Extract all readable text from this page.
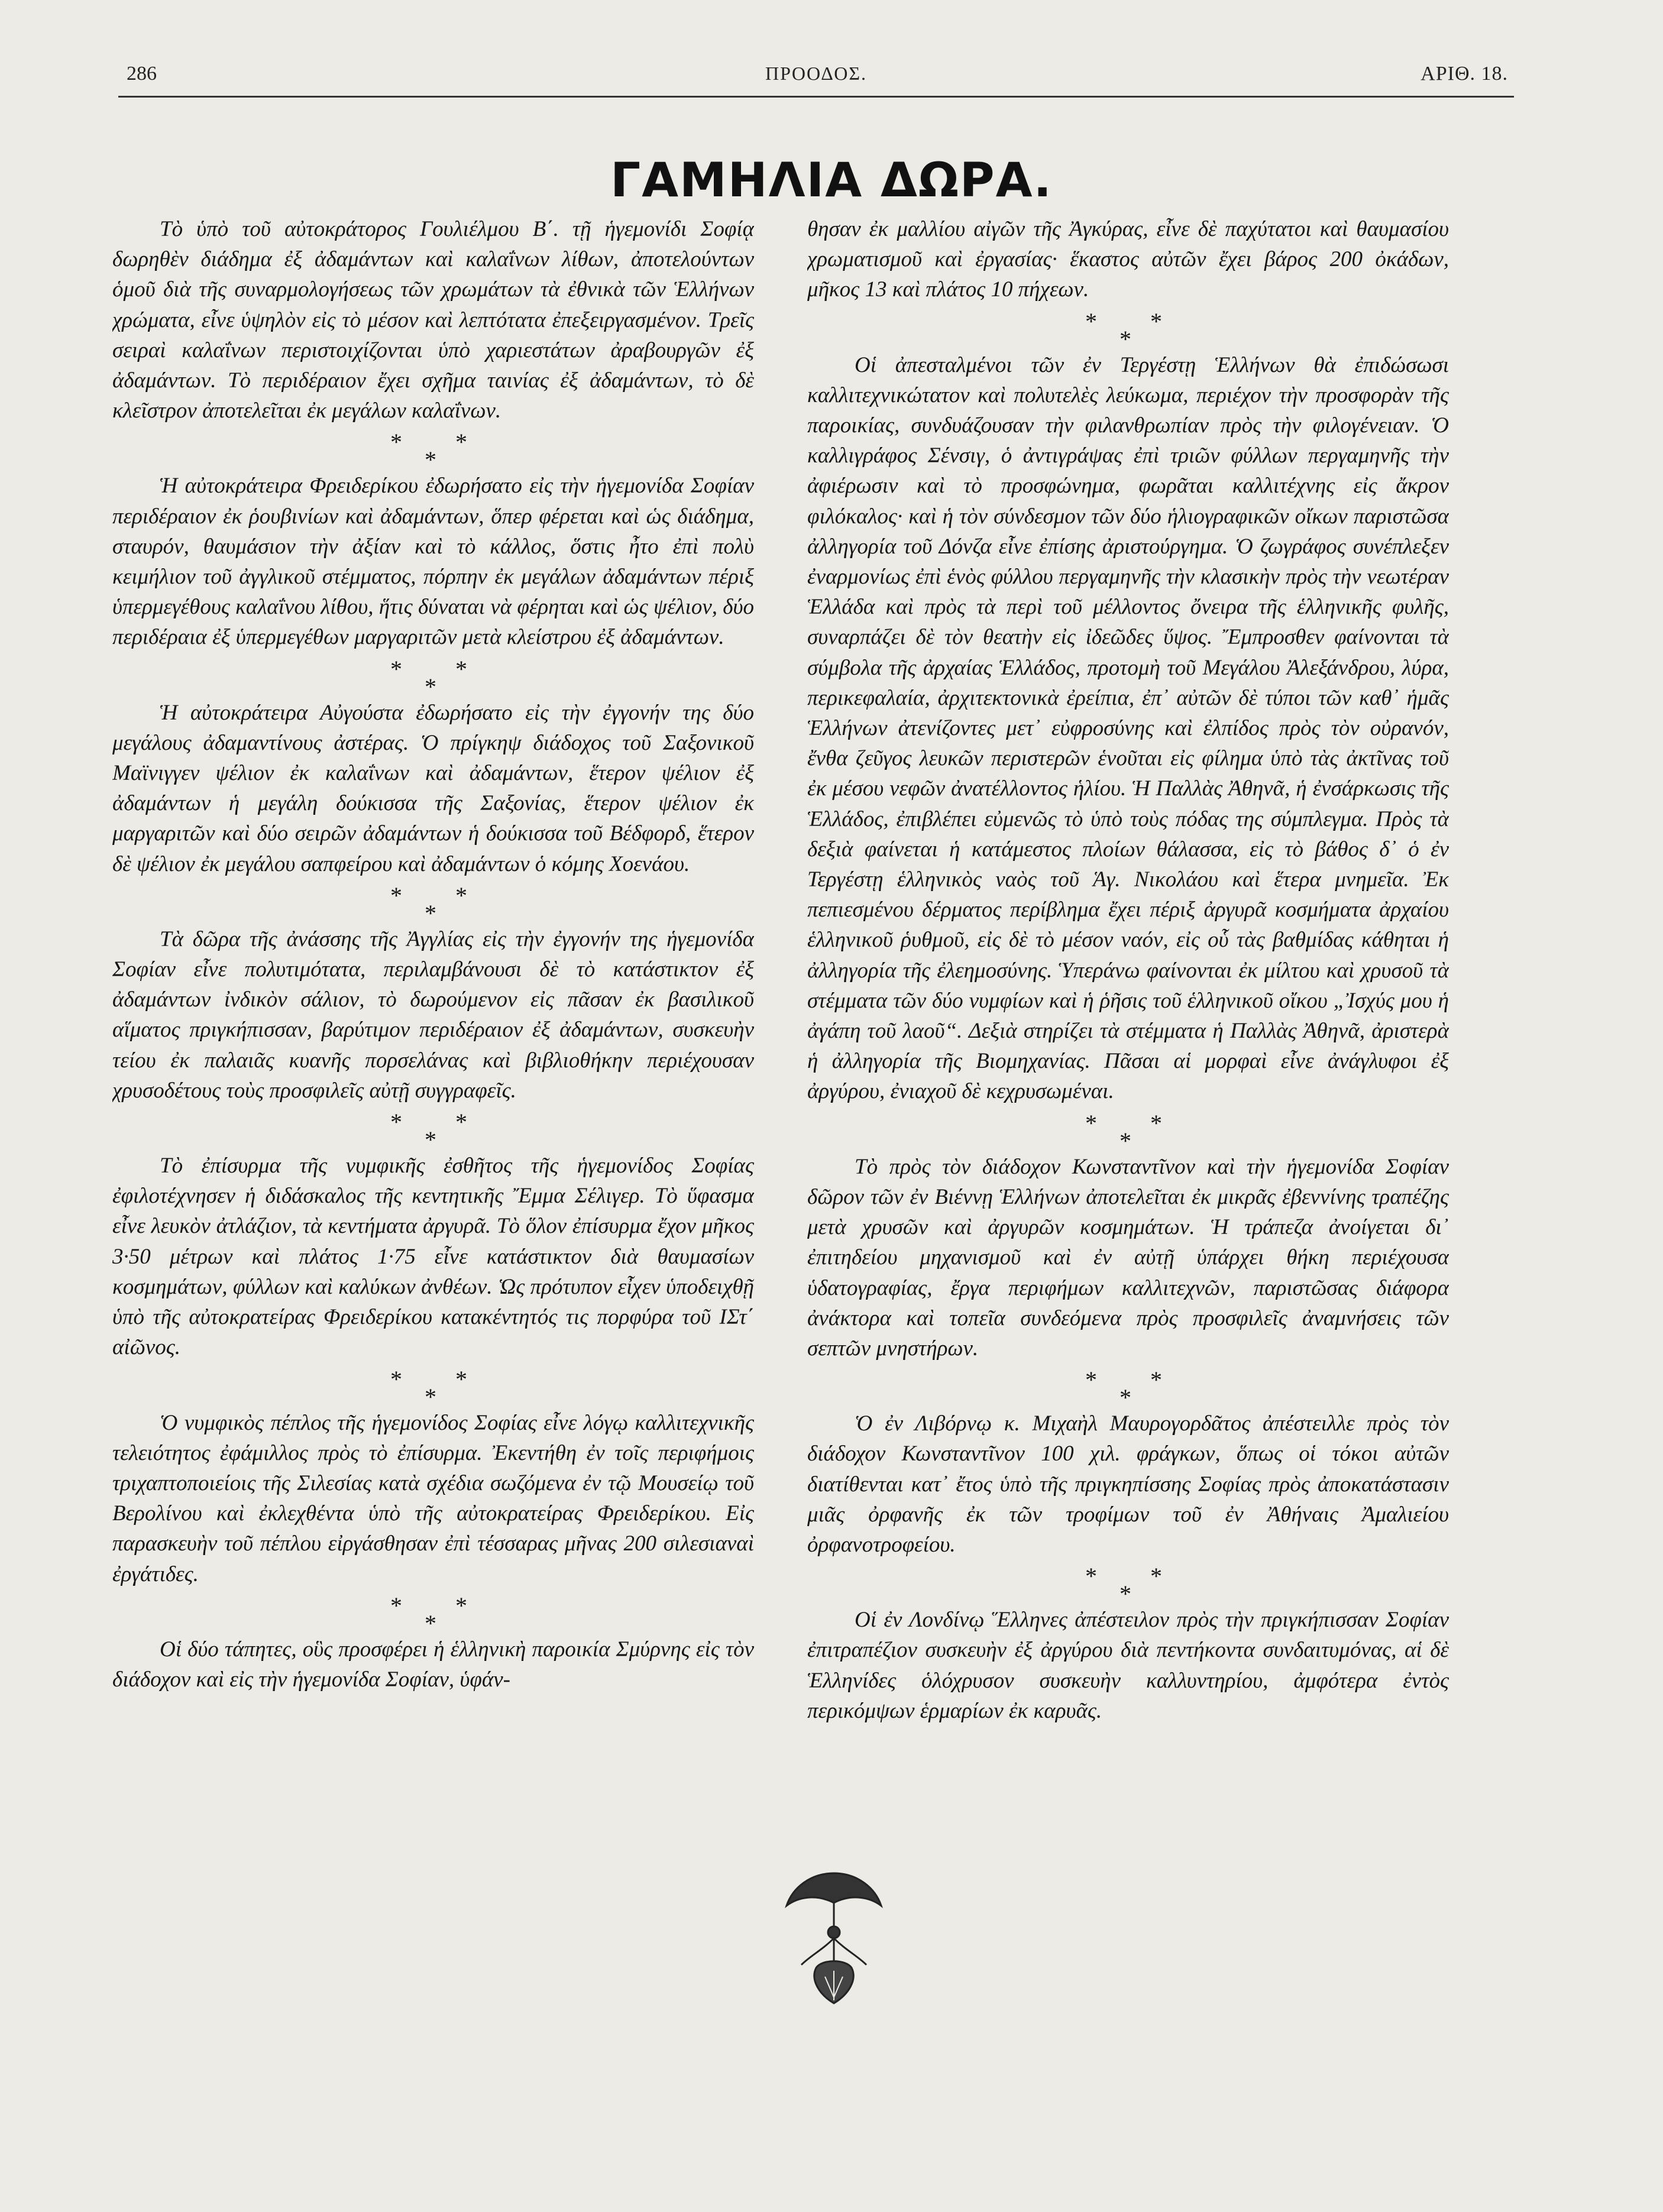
286	ΠΡΟΟΔΟΣ.	ΑΡΙΘ. 18.
ΓΑΜΗΛΙΑ ΔΩΡΑ.

Τὸ ὑπὸ τοῦ αὐτοκράτορος Γουλιέλμου Β΄. τῇ ἡγεμονίδι Σοφίᾳ δωρηθὲν διάδημα ἐξ ἀδαμάντων καὶ καλαΐνων λίθων, ἀποτελούντων ὁμοῦ διὰ τῆς συναρμολογήσεως τῶν χρωμάτων τὰ ἐθνικὰ τῶν Ἑλλήνων χρώματα, εἶνε ὑψηλὸν εἰς τὸ μέσον καὶ λεπτότατα ἐπεξειργασμένον. Τρεῖς σειραὶ καλαΐνων περιστοιχίζονται ὑπὸ χαριεστάτων ἀραβουργῶν ἐξ ἀδαμάντων. Τὸ περιδέραιον ἔχει σχῆμα ταινίας ἐξ ἀδαμάντων, τὸ δὲ κλεῖστρον ἀποτελεῖται ἐκ μεγάλων καλαΐνων.

* *
*

Ἡ αὐτοκράτειρα Φρειδερίκου ἐδωρήσατο εἰς τὴν ἡγεμονίδα Σοφίαν περιδέραιον ἐκ ῥουβινίων καὶ ἀδαμάντων, ὅπερ φέρεται καὶ ὡς διάδημα, σταυρόν, θαυμάσιον τὴν ἀξίαν καὶ τὸ κάλλος, ὅστις ἦτο ἐπὶ πολὺ κειμήλιον τοῦ ἀγγλικοῦ στέμματος, πόρπην ἐκ μεγάλων ἀδαμάντων πέριξ ὑπερμεγέθους καλαΐνου λίθου, ἥτις δύναται νὰ φέρηται καὶ ὡς ψέλιον, δύο περιδέραια ἐξ ὑπερμεγέθων μαργαριτῶν μετὰ κλείστρου ἐξ ἀδαμάντων.

* *
*

Ἡ αὐτοκράτειρα Αὐγούστα ἐδωρήσατο εἰς τὴν ἐγγονήν της δύο μεγάλους ἀδαμαντίνους ἀστέρας. Ὁ πρίγκηψ διάδοχος τοῦ Σαξονικοῦ Μαϊνιγγεν ψέλιον ἐκ καλαΐνων καὶ ἀδαμάντων, ἕτερον ψέλιον ἐξ ἀδαμάντων ἡ μεγάλη δούκισσα τῆς Σαξονίας, ἕτερον ψέλιον ἐκ μαργαριτῶν καὶ δύο σειρῶν ἀδαμάντων ἡ δούκισσα τοῦ Βέδφορδ, ἕτερον δὲ ψέλιον ἐκ μεγάλου σαπφείρου καὶ ἀδαμάντων ὁ κόμης Χοενάου.

* *
*

Τὰ δῶρα τῆς ἀνάσσης τῆς Ἀγγλίας εἰς τὴν ἐγγονήν της ἡγεμονίδα Σοφίαν εἶνε πολυτιμότατα, περιλαμβάνουσι δὲ τὸ κατάστικτον ἐξ ἀδαμάντων ἰνδικὸν σάλιον, τὸ δωρούμενον εἰς πᾶσαν ἐκ βασιλικοῦ αἵματος πριγκήπισσαν, βαρύτιμον περιδέραιον ἐξ ἀδαμάντων, συσκευὴν τείου ἐκ παλαιᾶς κυανῆς πορσελάνας καὶ βιβλιοθήκην περιέχουσαν χρυσοδέτους τοὺς προσφιλεῖς αὐτῇ συγγραφεῖς.

* *
*

Τὸ ἐπίσυρμα τῆς νυμφικῆς ἐσθῆτος τῆς ἡγεμονίδος Σοφίας ἐφιλοτέχνησεν ἡ διδάσκαλος τῆς κεντητικῆς Ἔμμα Σέλιγερ. Τὸ ὕφασμα εἶνε λευκὸν ἀτλάζιον, τὰ κεντήματα ἀργυρᾶ. Τὸ ὅλον ἐπίσυρμα ἔχον μῆκος 3·50 μέτρων καὶ πλάτος 1·75 εἶνε κατάστικτον διὰ θαυμασίων κοσμημάτων, φύλλων καὶ καλύκων ἀνθέων. Ὡς πρότυπον εἶχεν ὑποδειχθῇ ὑπὸ τῆς αὐτοκρατείρας Φρειδερίκου κατακέντητός τις πορφύρα τοῦ ΙΣτ΄ αἰῶνος.

* *
*

Ὁ νυμφικὸς πέπλος τῆς ἡγεμονίδος Σοφίας εἶνε λόγῳ καλλιτεχνικῆς τελειότητος ἐφάμιλλος πρὸς τὸ ἐπίσυρμα. Ἐκεντήθη ἐν τοῖς περιφήμοις τριχαπτοποιείοις τῆς Σιλεσίας κατὰ σχέδια σωζόμενα ἐν τῷ Μουσείῳ τοῦ Βερολίνου καὶ ἐκλεχθέντα ὑπὸ τῆς αὐτοκρατείρας Φρειδερίκου. Εἰς παρασκευὴν τοῦ πέπλου εἰργάσθησαν ἐπὶ τέσσαρας μῆνας 200 σιλεσιαναὶ ἐργάτιδες.

* *
*

Οἱ δύο τάπητες, οὓς προσφέρει ἡ ἑλληνικὴ παροικία Σμύρνης εἰς τὸν διάδοχον καὶ εἰς τὴν ἡγεμονίδα Σοφίαν, ὑφάν-

θησαν ἐκ μαλλίου αἰγῶν τῆς Ἀγκύρας, εἶνε δὲ παχύτατοι καὶ θαυμασίου χρωματισμοῦ καὶ ἐργασίας· ἕκαστος αὐτῶν ἔχει βάρος 200 ὀκάδων, μῆκος 13 καὶ πλάτος 10 πήχεων.

* *
*

Οἱ ἀπεσταλμένοι τῶν ἐν Τεργέστῃ Ἑλλήνων θὰ ἐπιδώσωσι καλλιτεχνικώτατον καὶ πολυτελὲς λεύκωμα, περιέχον τὴν προσφορὰν τῆς παροικίας, συνδυάζουσαν τὴν φιλανθρωπίαν πρὸς τὴν φιλογένειαν. Ὁ καλλιγράφος Σένσιγ, ὁ ἀντιγράψας ἐπὶ τριῶν φύλλων περγαμηνῆς τὴν ἀφιέρωσιν καὶ τὸ προσφώνημα, φωρᾶται καλλιτέχνης εἰς ἄκρον φιλόκαλος· καὶ ἡ τὸν σύνδεσμον τῶν δύο ἡλιογραφικῶν οἴκων παριστῶσα ἀλληγορία τοῦ Δόνζα εἶνε ἐπίσης ἀριστούργημα. Ὁ ζωγράφος συνέπλεξεν ἐναρμονίως ἐπὶ ἑνὸς φύλλου περγαμηνῆς τὴν κλασικὴν πρὸς τὴν νεωτέραν Ἑλλάδα καὶ πρὸς τὰ περὶ τοῦ μέλλοντος ὄνειρα τῆς ἑλληνικῆς φυλῆς, συναρπάζει δὲ τὸν θεατὴν εἰς ἰδεῶδες ὕψος. Ἔμπροσθεν φαίνονται τὰ σύμβολα τῆς ἀρχαίας Ἑλλάδος, προτομὴ τοῦ Μεγάλου Ἀλεξάνδρου, λύρα, περικεφαλαία, ἀρχιτεκτονικὰ ἐρείπια, ἐπ᾿ αὐτῶν δὲ τύποι τῶν καθ᾿ ἡμᾶς Ἑλλήνων ἀτενίζοντες μετ᾿ εὐφροσύνης καὶ ἐλπίδος πρὸς τὸν οὐρανόν, ἔνθα ζεῦγος λευκῶν περιστερῶν ἑνοῦται εἰς φίλημα ὑπὸ τὰς ἀκτῖνας τοῦ ἐκ μέσου νεφῶν ἀνατέλλοντος ἡλίου. Ἡ Παλλὰς Ἀθηνᾶ, ἡ ἐνσάρκωσις τῆς Ἑλλάδος, ἐπιβλέπει εὐμενῶς τὸ ὑπὸ τοὺς πόδας της σύμπλεγμα. Πρὸς τὰ δεξιὰ φαίνεται ἡ κατάμεστος πλοίων θάλασσα, εἰς τὸ βάθος δ᾿ ὁ ἐν Τεργέστῃ ἑλληνικὸς ναὸς τοῦ Ἁγ. Νικολάου καὶ ἕτερα μνημεῖα. Ἐκ πεπιεσμένου δέρματος περίβλημα ἔχει πέριξ ἀργυρᾶ κοσμήματα ἀρχαίου ἑλληνικοῦ ῥυθμοῦ, εἰς δὲ τὸ μέσον ναόν, εἰς οὗ τὰς βαθμίδας κάθηται ἡ ἀλληγορία τῆς ἐλεημοσύνης. Ὑπεράνω φαίνονται ἐκ μίλτου καὶ χρυσοῦ τὰ στέμματα τῶν δύο νυμφίων καὶ ἡ ῥῆσις τοῦ ἑλληνικοῦ οἴκου „Ἰσχύς μου ἡ ἀγάπη τοῦ λαοῦ“. Δεξιὰ στηρίζει τὰ στέμματα ἡ Παλλὰς Ἀθηνᾶ, ἀριστερὰ ἡ ἀλληγορία τῆς Βιομηχανίας. Πᾶσαι αἱ μορφαὶ εἶνε ἀνάγλυφοι ἐξ ἀργύρου, ἐνιαχοῦ δὲ κεχρυσωμέναι.

* *
*

Τὸ πρὸς τὸν διάδοχον Κωνσταντῖνον καὶ τὴν ἡγεμονίδα Σοφίαν δῶρον τῶν ἐν Βιέννῃ Ἑλλήνων ἀποτελεῖται ἐκ μικρᾶς ἐβεννίνης τραπέζης μετὰ χρυσῶν καὶ ἀργυρῶν κοσμημάτων. Ἡ τράπεζα ἀνοίγεται δι᾿ ἐπιτηδείου μηχανισμοῦ καὶ ἐν αὐτῇ ὑπάρχει θήκη περιέχουσα ὑδατογραφίας, ἔργα περιφήμων καλλιτεχνῶν, παριστῶσας διάφορα ἀνάκτορα καὶ τοπεῖα συνδεόμενα πρὸς προσφιλεῖς ἀναμνήσεις τῶν σεπτῶν μνηστήρων.

* *
*

Ὁ ἐν Λιβόρνῳ κ. Μιχαὴλ Μαυρογορδᾶτος ἀπέστειλλε πρὸς τὸν διάδοχον Κωνσταντῖνον 100 χιλ. φράγκων, ὅπως οἱ τόκοι αὐτῶν διατίθενται κατ᾿ ἔτος ὑπὸ τῆς πριγκηπίσσης Σοφίας πρὸς ἀποκατάστασιν μιᾶς ὀρφανῆς ἐκ τῶν τροφίμων τοῦ ἐν Ἀθήναις Ἀμαλιείου ὀρφανοτροφείου.

* *
*

Οἱ ἐν Λονδίνῳ Ἕλληνες ἀπέστειλον πρὸς τὴν πριγκήπισσαν Σοφίαν ἐπιτραπέζιον συσκευὴν ἐξ ἀργύρου διὰ πεντήκοντα συνδαιτυμόνας, αἱ δὲ Ἑλληνίδες ὁλόχρυσον συσκευὴν καλλυντηρίου, ἀμφότερα ἐντὸς περικόμψων ἑρμαρίων ἐκ καρυᾶς.
